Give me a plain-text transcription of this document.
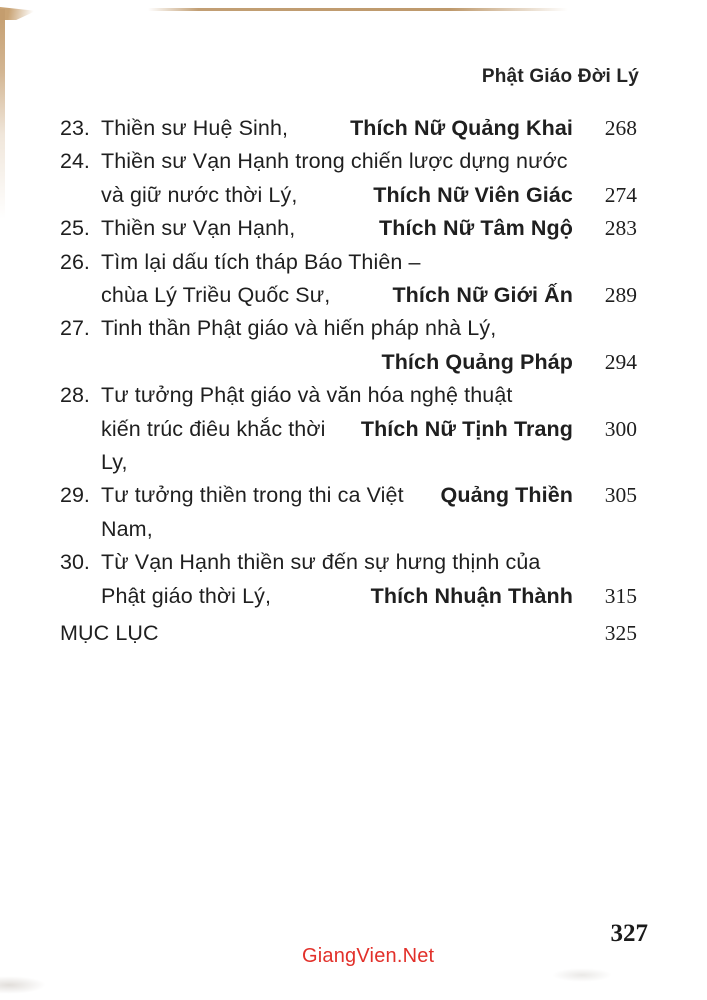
Phật Giáo Đời Lý
23. Thiền sư Huệ Sinh,	Thích Nữ Quảng Khai	268
24. Thiền sư Vạn Hạnh trong chiến lược dựng nước
và giữ nước thời Lý,	Thích Nữ Viên Giác	274
25. Thiền sư Vạn Hạnh,	Thích Nữ Tâm Ngộ	283
26. Tìm lại dấu tích tháp Báo Thiên –
chùa Lý Triều Quốc Sư,	Thích Nữ Giới Ấn	289
27. Tinh thần Phật giáo và hiến pháp nhà Lý,
Thích Quảng Pháp	294
28. Tư tưởng Phật giáo và văn hóa nghệ thuật
kiến trúc điêu khắc thời Ly,
Thích Nữ Tịnh Trang	300
29. Tư tưởng thiền trong thi ca Việt Nam,
Quảng Thiền	305
30. Từ Vạn Hạnh thiền sư đến sự hưng thịnh của
Phật giáo thời Lý,	Thích Nhuận Thành	315
MỤC LỤC	325
327
GiangVien.Net
